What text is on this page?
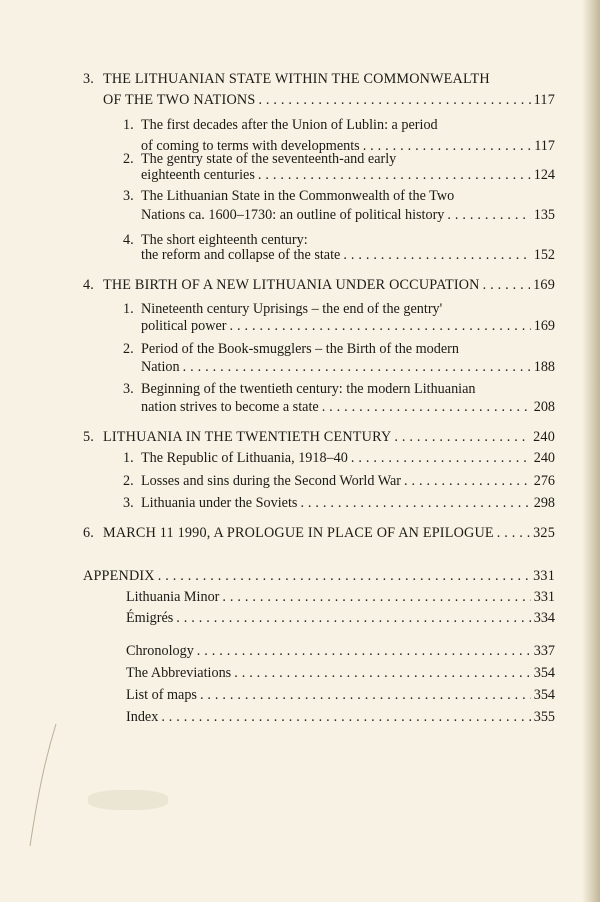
3. THE LITHUANIAN STATE WITHIN THE COMMONWEALTH
OF THE TWO NATIONS . . .	117
1. The first decades after the Union of Lublin: a period
of coming to terms with developments . . .	117
2. The gentry state of the seventeenth-and early
eighteenth centuries . . .	124
3. The Lithuanian State in the Commonwealth of the Two
Nations ca. 1600–1730: an outline of political history . . .	135
4. The short eighteenth century:
the reform and collapse of the state . . .	152
4. THE BIRTH OF A NEW LITHUANIA UNDER OCCUPATION . . .	169
1. Nineteenth century Uprisings – the end of the gentry'
political power . . .	169
2. Period of the Book-smugglers – the Birth of the modern
Nation . . .	188
3. Beginning of the twentieth century: the modern Lithuanian
nation strives to become a state . . .	208
5. LITHUANIA IN THE TWENTIETH CENTURY . . .	240
1. The Republic of Lithuania, 1918–40 . . .	240
2. Losses and sins during the Second World War . . .	276
3. Lithuania under the Soviets . . .	298
6. MARCH 11 1990, A PROLOGUE IN PLACE OF AN EPILOGUE . . .	325
APPENDIX . . .	331
Lithuania Minor . . .	331
Émigrés . . .	334
Chronology . . .	337
The Abbreviations . . .	354
List of maps . . .	354
Index . . .	355
